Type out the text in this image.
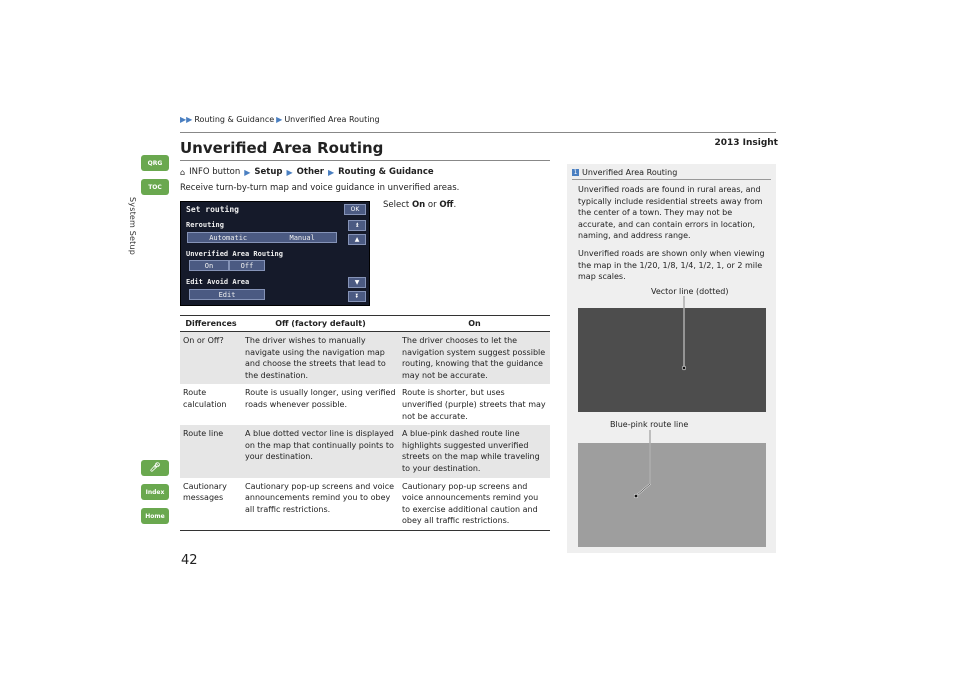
▶▶ Routing & Guidance ▶ Unverified Area Routing
2013 Insight
QRG
TOC
System Setup
🎤︎
Index
Home
Unverified Area Routing
⌂ INFO button ▶ Setup ▶ Other ▶ Routing & Guidance
Receive turn-by-turn map and voice guidance in unverified areas.
Select On or Off.
Set routing	OK
Rerouting
Automatic	Manual
Unverified Area Routing
On	Off
Edit Avoid Area
Edit
⏫︎
▲
▼
⏬︎
Differences	Off (factory default)	On
On or Off?	The driver wishes to manually navigate using the navigation map and choose the streets that lead to the destination.	The driver chooses to let the navigation system suggest possible routing, knowing that the guidance may not be accurate.
Route calculation	Route is usually longer, using verified roads whenever possible.	Route is shorter, but uses unverified (purple) streets that may not be accurate.
Route line	A blue dotted vector line is displayed on the map that continually points to your destination.	A blue-pink dashed route line highlights suggested unverified streets on the map while traveling to your destination.
Cautionary messages	Cautionary pop-up screens and voice announcements remind you to obey all traffic restrictions.	Cautionary pop-up screens and voice announcements remind you to exercise additional caution and obey all traffic restrictions.
1 Unverified Area Routing
Unverified roads are found in rural areas, and typically include residential streets away from the center of a town. They may not be accurate, and can contain errors in location, naming, and address range.
Unverified roads are shown only when viewing the map in the 1/20, 1/8, 1/4, 1/2, 1, or 2 mile map scales.
Vector line (dotted)
Blue-pink route line
42
